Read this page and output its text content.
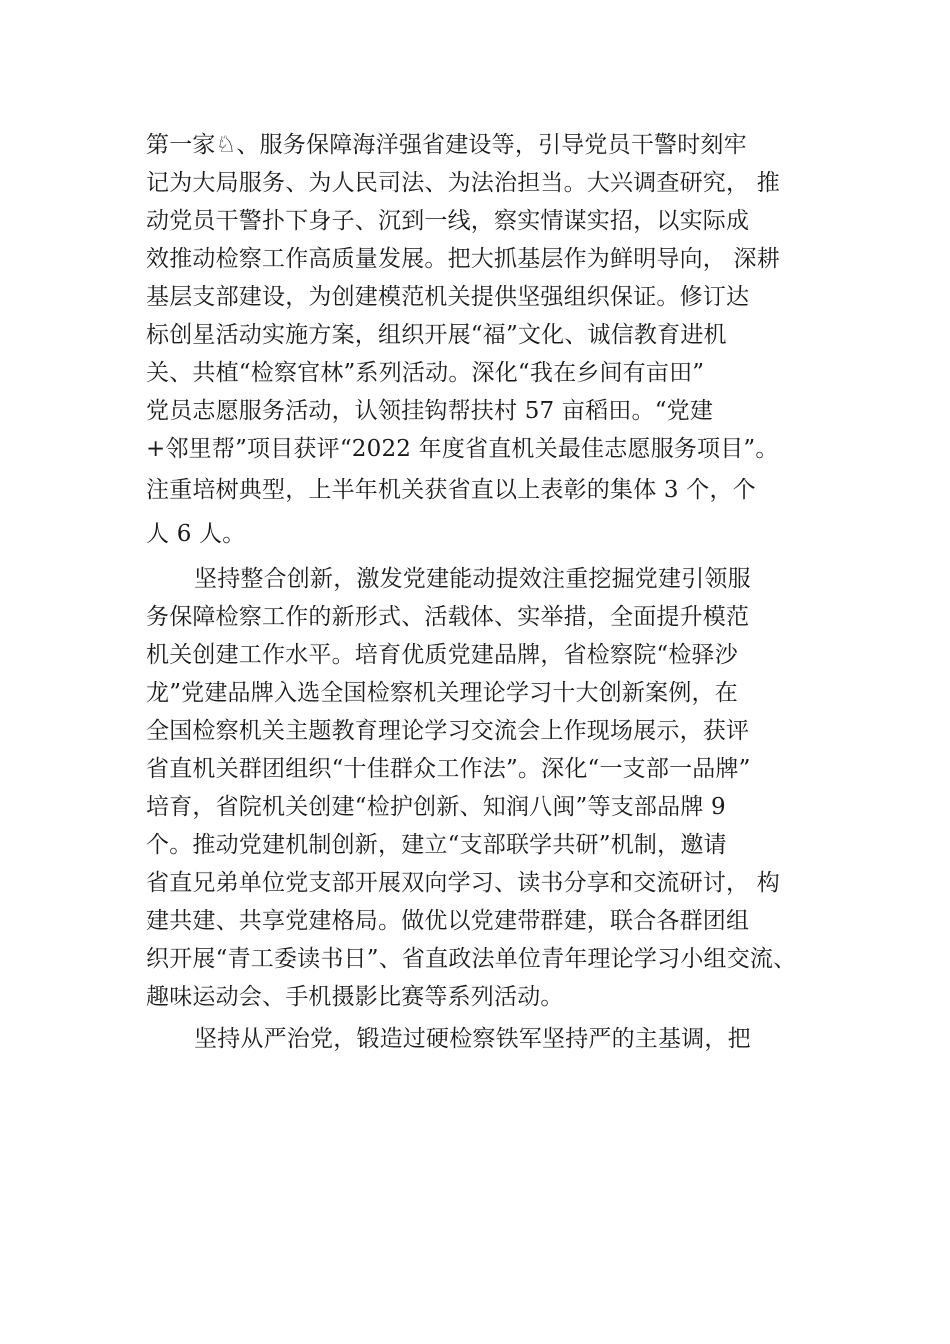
第一家♘、服务保障海洋强省建设等，引导党员干警时刻牢
记为大局服务、为人民司法、为法治担当。大兴调查研究， 推
动党员干警扑下身子、沉到一线，察实情谋实招，以实际成
效推动检察工作高质量发展。把大抓基层作为鲜明导向， 深耕
基层支部建设，为创建模范机关提供坚强组织保证。修订达
标创星活动实施方案，组织开展“福”文化、诚信教育进机
关、共植“检察官林”系列活动。深化“我在乡间有亩田”
党员志愿服务活动，认领挂钩帮扶村 57 亩稻田。“党建
+邻里帮”项目获评“2022 年度省直机关最佳志愿服务项目”。
注重培树典型，上半年机关获省直以上表彰的集体 3 个，个
人 6 人。
坚持整合创新，激发党建能动提效注重挖掘党建引领服
务保障检察工作的新形式、活载体、实举措，全面提升模范
机关创建工作水平。培育优质党建品牌，省检察院“检驿沙
龙”党建品牌入选全国检察机关理论学习十大创新案例，在
全国检察机关主题教育理论学习交流会上作现场展示，获评
省直机关群团组织“十佳群众工作法”。深化“一支部一品牌”
培育，省院机关创建“检护创新、知润八闽”等支部品牌 9
个。推动党建机制创新，建立“支部联学共研”机制，邀请
省直兄弟单位党支部开展双向学习、读书分享和交流研讨， 构
建共建、共享党建格局。做优以党建带群建，联合各群团组
织开展“青工委读书日”、省直政法单位青年理论学习小组交流、
趣味运动会、手机摄影比赛等系列活动。
坚持从严治党，锻造过硬检察铁军坚持严的主基调，把
